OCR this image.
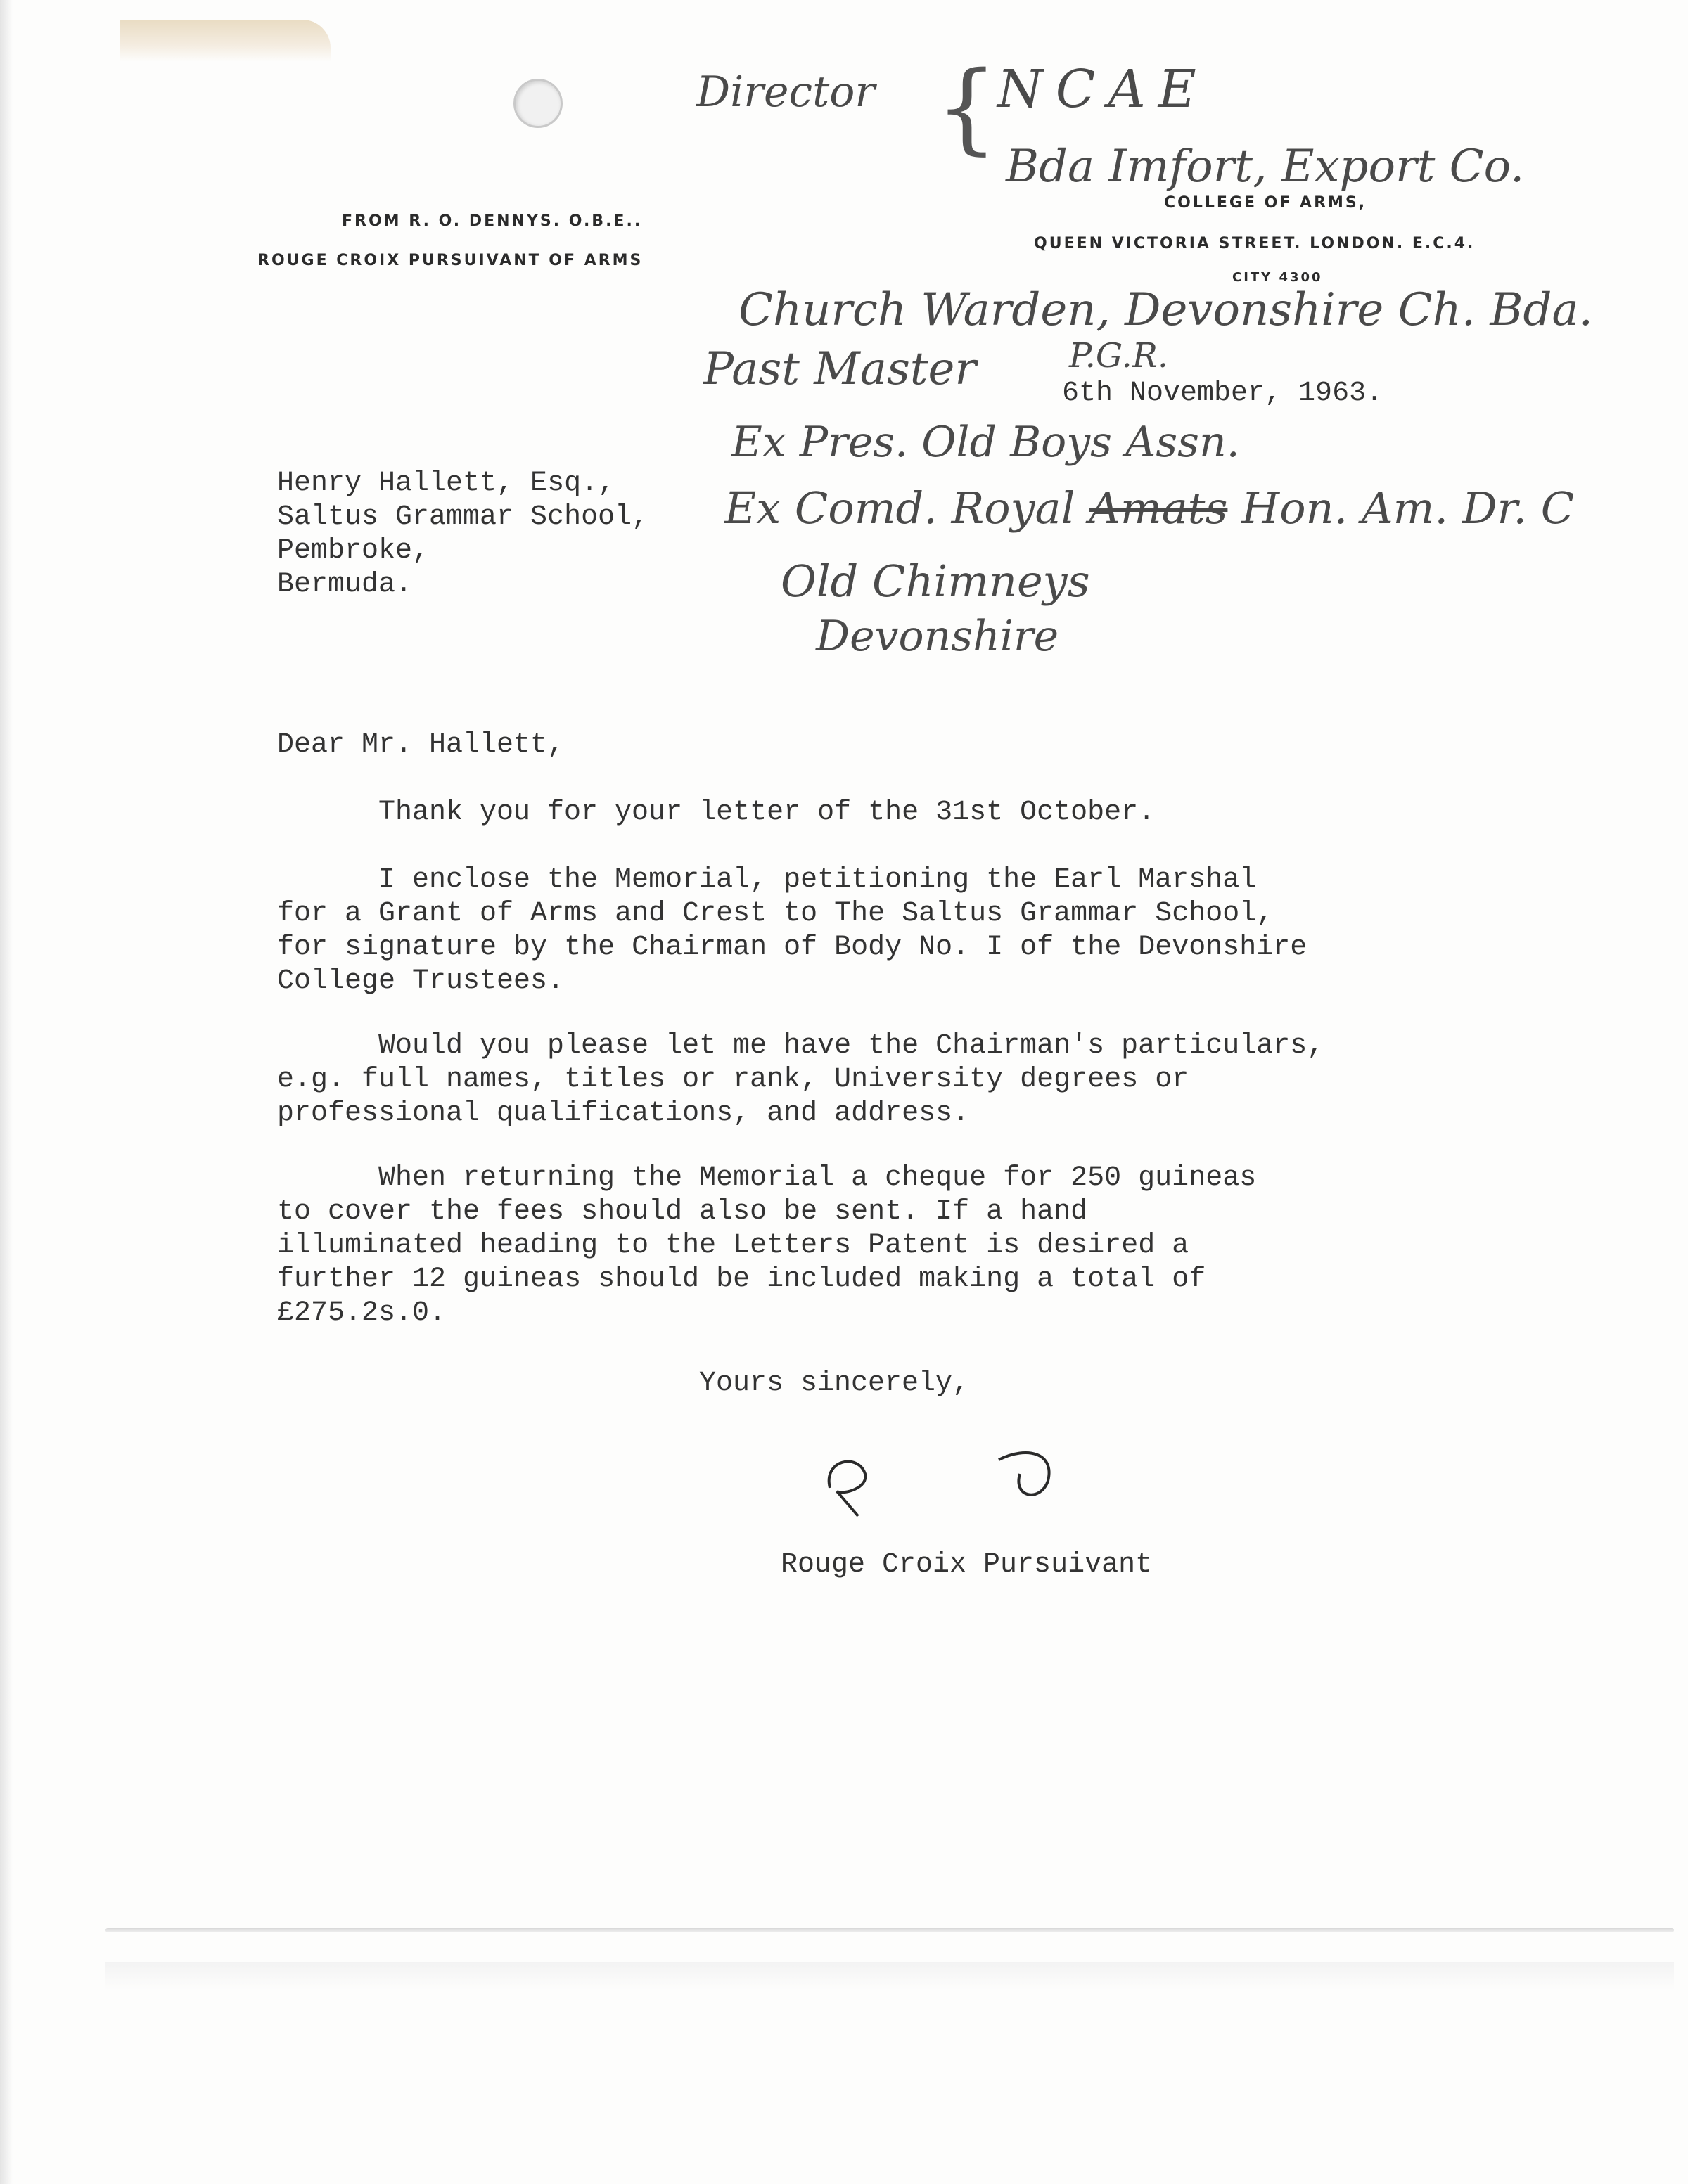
FROM R. O. DENNYS. O.B.E..
ROUGE CROIX PURSUIVANT OF ARMS
COLLEGE OF ARMS,
QUEEN VICTORIA STREET. LONDON. E.C.4.
CITY 4300
Director {
NCAE
Bda Imfort, Export Co.
Church Warden, Devonshire Ch. Bda.
Past Master	P.G.R.
Ex Pres. Old Boys Assn.
Ex Comd. Royal Amats Hon. Am. Dr. C
Old Chimneys
Devonshire
6th November, 1963.
Henry Hallett, Esq.,
Saltus Grammar School,
Pembroke,
Bermuda.
Dear Mr. Hallett,
Thank you for your letter of the 31st October.
I enclose the Memorial, petitioning the Earl Marshal
for a Grant of Arms and Crest to The Saltus Grammar School,
for signature by the Chairman of Body No. I of the Devonshire
College Trustees.
Would you please let me have the Chairman's particulars,
e.g. full names, titles or rank, University degrees or
professional qualifications, and address.
When returning the Memorial a cheque for 250 guineas
to cover the fees should also be sent. If a hand
illuminated heading to the Letters Patent is desired a
further 12 guineas should be included making a total of
£275.2s.0.
Yours sincerely,
Rouge Croix Pursuivant
